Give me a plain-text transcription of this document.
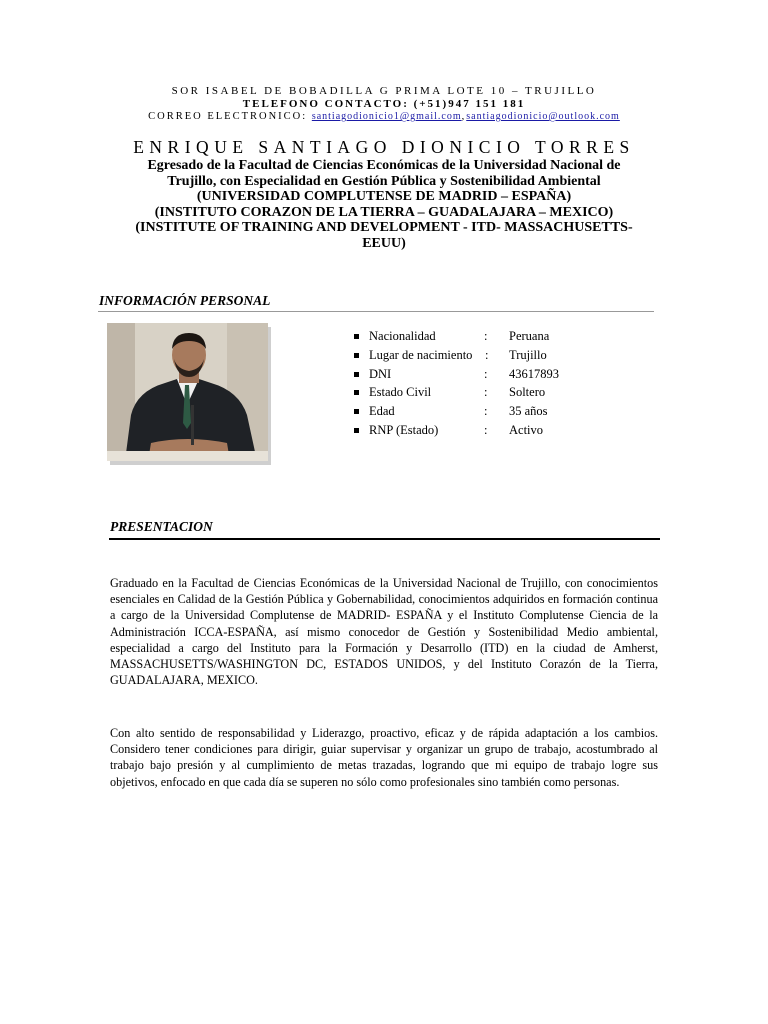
SOR ISABEL DE BOBADILLA G PRIMA LOTE 10 – TRUJILLO
TELEFONO CONTACTO: (+51)947 151 181
CORREO ELECTRONICO: santiagodionicio1@gmail.com,santiagodionicio@outlook.com
ENRIQUE SANTIAGO DIONICIO TORRES
Egresado de la Facultad de Ciencias Económicas de la Universidad Nacional de
Trujillo, con Especialidad en Gestión Pública y Sostenibilidad Ambiental
(UNIVERSIDAD COMPLUTENSE DE MADRID – ESPAÑA)
(INSTITUTO CORAZON DE LA TIERRA – GUADALAJARA – MEXICO)
(INSTITUTE OF TRAINING AND DEVELOPMENT - ITD- MASSACHUSETTS-
EEUU)
INFORMACIÓN PERSONAL
Nacionalidad	: Peruana
Lugar de nacimiento : Trujillo
DNI	: 43617893
Estado Civil	: Soltero
Edad	: 35 años
RNP (Estado)	: Activo
PRESENTACION
Graduado en la Facultad de Ciencias Económicas de la Universidad Nacional de Trujillo, con conocimientos esenciales en Calidad de la Gestión Pública y Gobernabilidad, conocimientos adquiridos en formación continua a cargo de la Universidad Complutense de MADRID- ESPAÑA y el Instituto Complutense Ciencia de la Administración ICCA-ESPAÑA, así mismo conocedor de Gestión y Sostenibilidad Medio ambiental, especialidad a cargo del Instituto para la Formación y Desarrollo (ITD) en la ciudad de Amherst, MASSACHUSETTS/WASHINGTON DC, ESTADOS UNIDOS, y del Instituto Corazón de la Tierra, GUADALAJARA, MEXICO.
Con alto sentido de responsabilidad y Liderazgo, proactivo, eficaz y de rápida adaptación a los cambios. Considero tener condiciones para dirigir, guiar supervisar y organizar un grupo de trabajo, acostumbrado al trabajo bajo presión y al cumplimiento de metas trazadas, logrando que mi equipo de trabajo logre sus objetivos, enfocado en que cada día se superen no sólo como profesionales sino también como personas.
